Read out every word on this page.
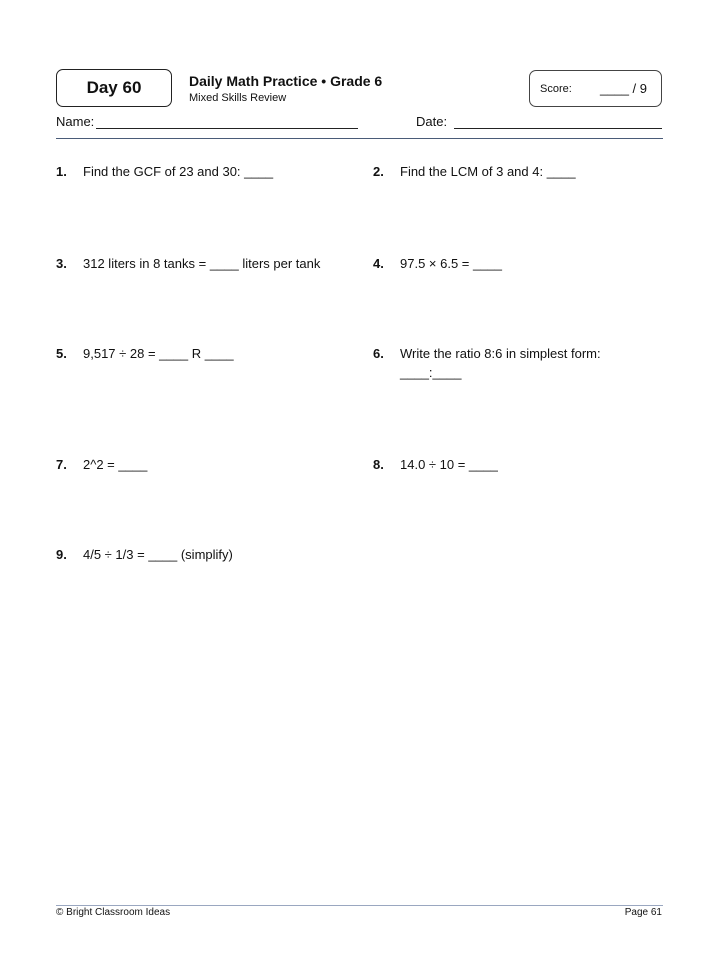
Day 60	Daily Math Practice • Grade 6
Mixed Skills Review
Score: ____ / 9
Name:	Date:
1. Find the GCF of 23 and 30: ____	2. Find the LCM of 3 and 4: ____
3. 312 liters in 8 tanks = ____ liters per tank	4. 97.5 × 6.5 = ____
5. 9,517 ÷ 28 = ____ R ____	6. Write the ratio 8:6 in simplest form:
____:____
7. 2^2 = ____	8. 14.0 ÷ 10 = ____
9. 4/5 ÷ 1/3 = ____ (simplify)
© Bright Classroom Ideas	Page 61
